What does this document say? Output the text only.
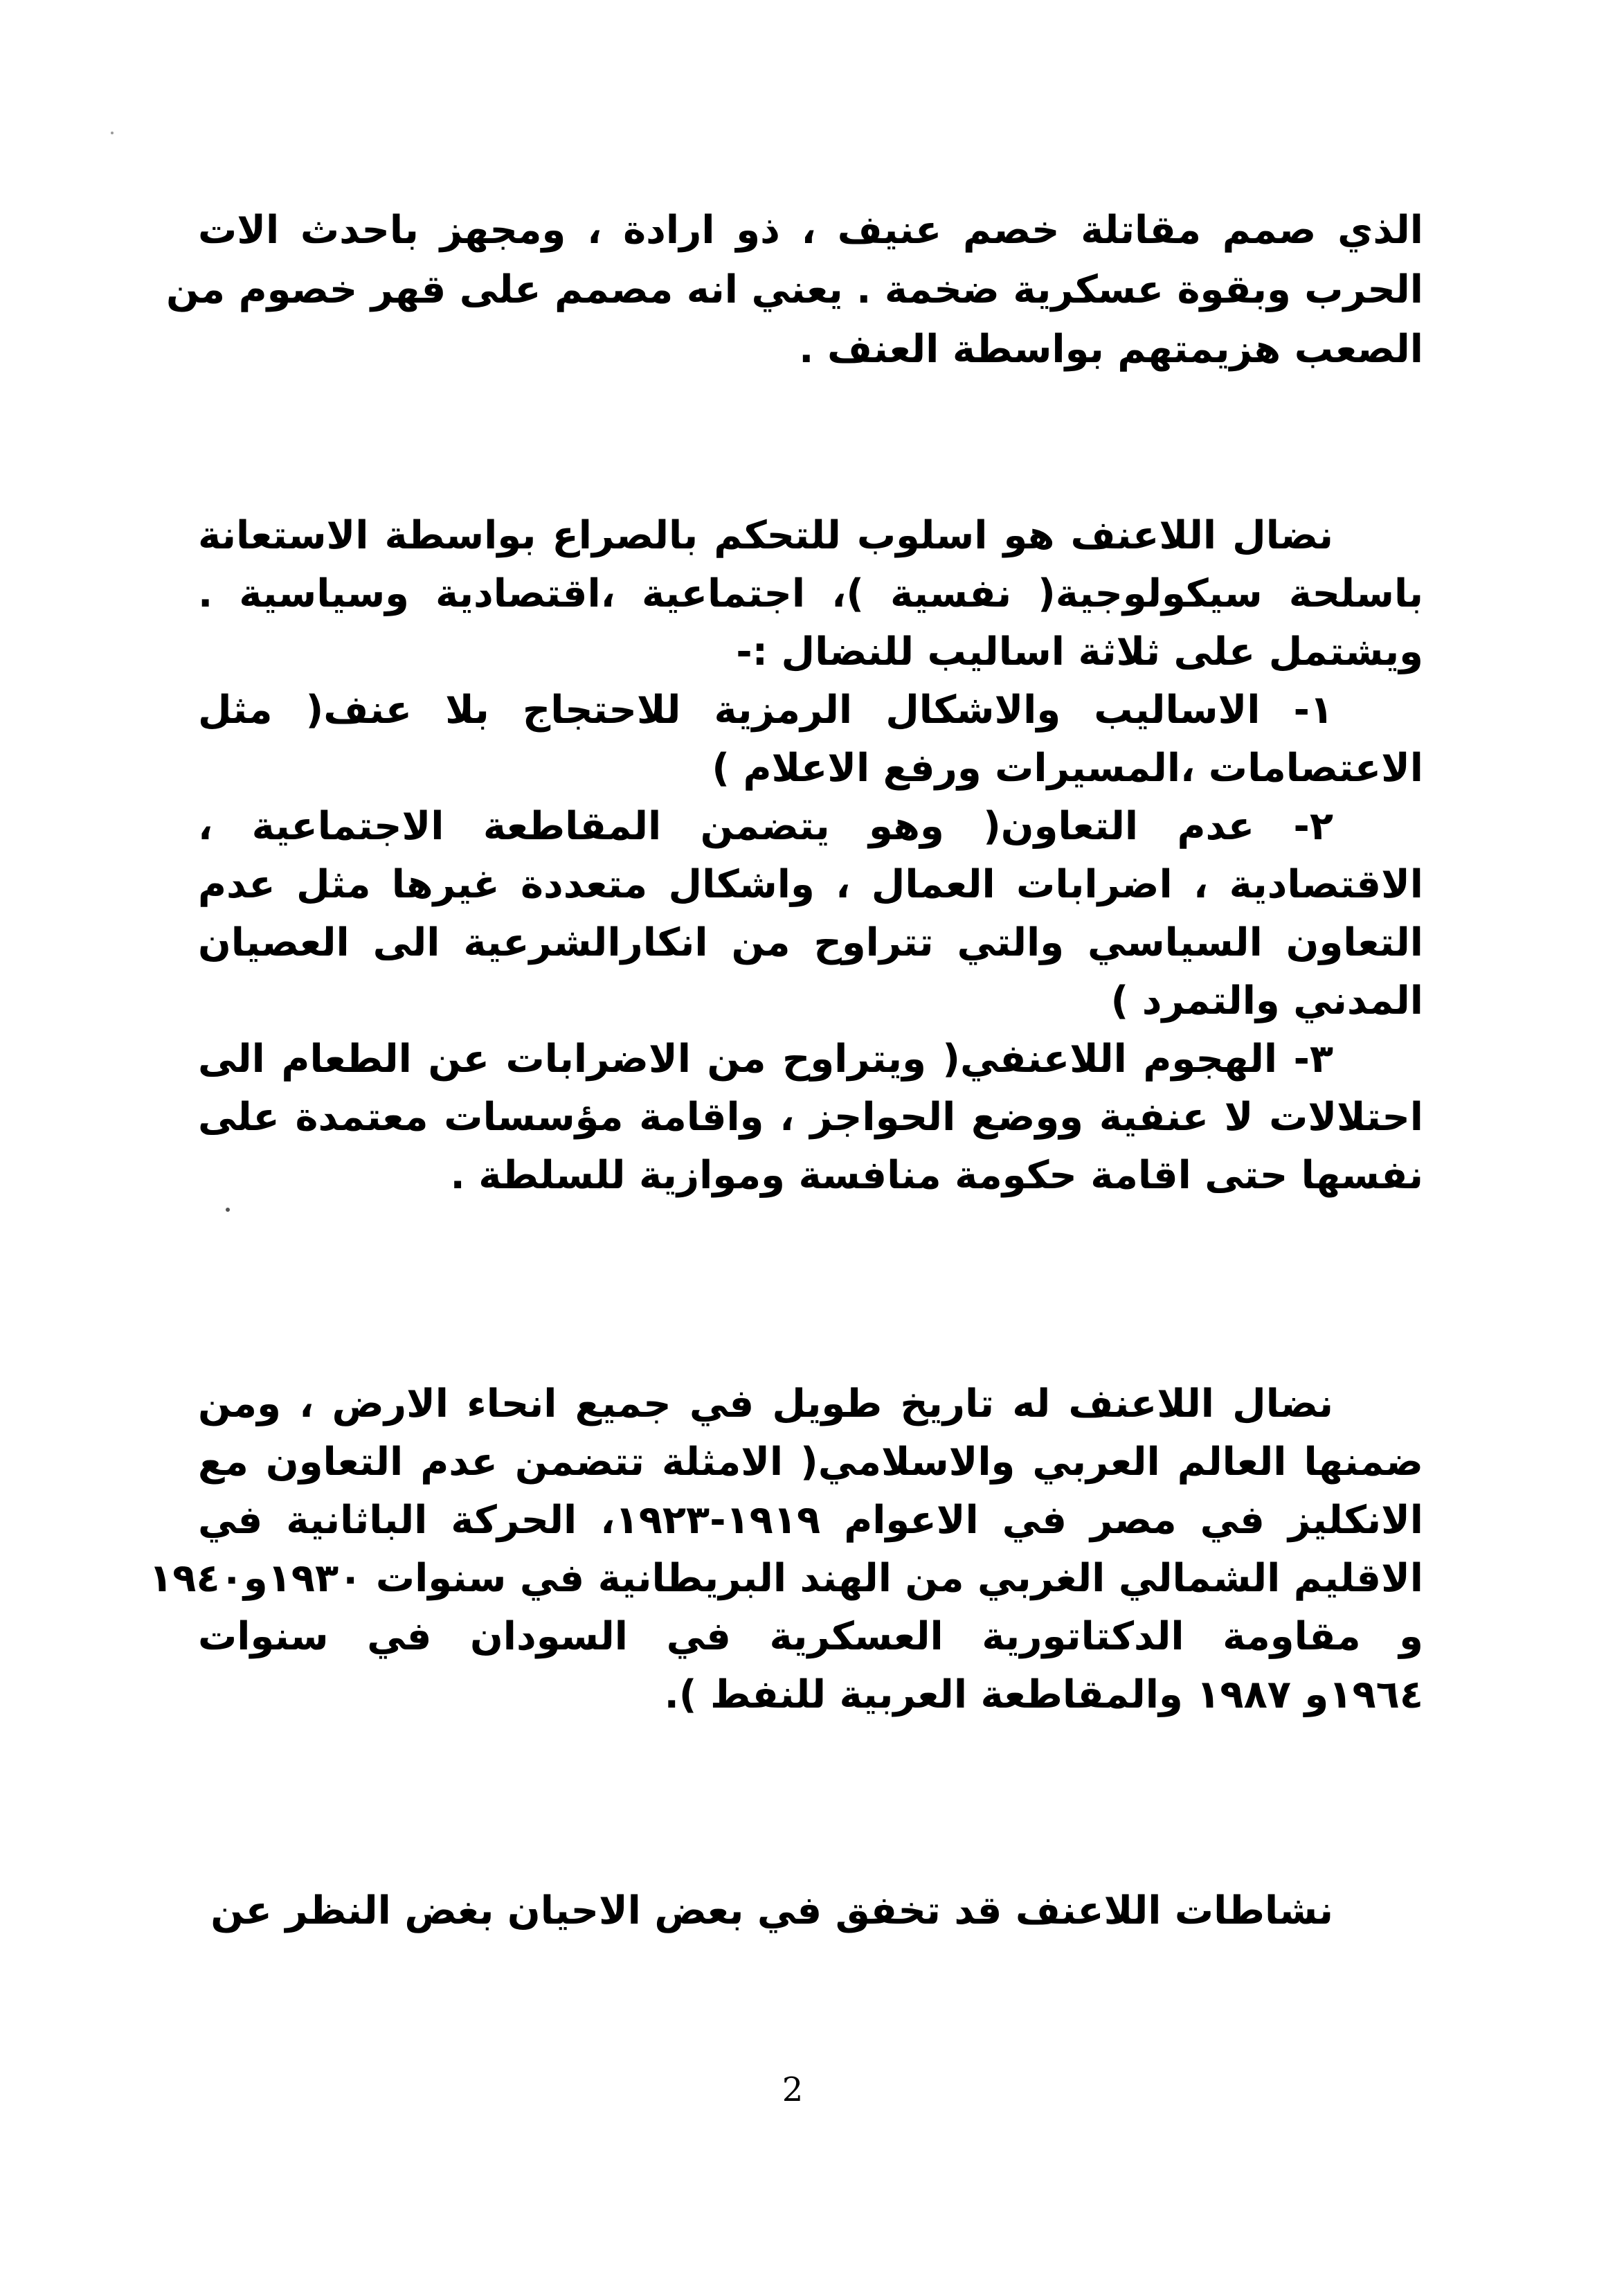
الذي صمم مقاتلة خصم عنيف ، ذو ارادة ، ومجهز باحدث الات
الحرب وبقوة عسكرية ضخمة . يعني انه مصمم على قهر خصوم من
الصعب هزيمتهم بواسطة العنف .
نضال اللاعنف هو اسلوب للتحكم بالصراع بواسطة الاستعانة
باسلحة سيكولوجية( نفسية )، اجتماعية ،اقتصادية وسياسية .
ويشتمل على ثلاثة اساليب للنضال :-
١- الاساليب والاشكال الرمزية للاحتجاج بلا عنف( مثل
الاعتصامات ،المسيرات ورفع الاعلام )
٢- عدم التعاون( وهو يتضمن المقاطعة الاجتماعية ،
الاقتصادية ، اضرابات العمال ، واشكال متعددة غيرها مثل عدم
التعاون السياسي والتي تتراوح من انكارالشرعية الى العصيان
المدني والتمرد )
٣- الهجوم اللاعنفي( ويتراوح من الاضرابات عن الطعام الى
احتلالات لا عنفية ووضع الحواجز ، واقامة مؤسسات معتمدة على
نفسها حتى اقامة حكومة منافسة وموازية للسلطة .
نضال اللاعنف له تاريخ طويل في جميع انحاء الارض ، ومن
ضمنها العالم العربي والاسلامي( الامثلة تتضمن عدم التعاون مع
الانكليز في مصر في الاعوام ١٩١٩-١٩٢٣، الحركة الباثانية في
الاقليم الشمالي الغربي من الهند البريطانية في سنوات ١٩٣٠و١٩٤٠
و مقاومة الدكتاتورية العسكرية في السودان في سنوات
١٩٦٤و ١٩٨٧ والمقاطعة العربية للنفط ).
نشاطات اللاعنف قد تخفق في بعض الاحيان بغض النظر عن
2
